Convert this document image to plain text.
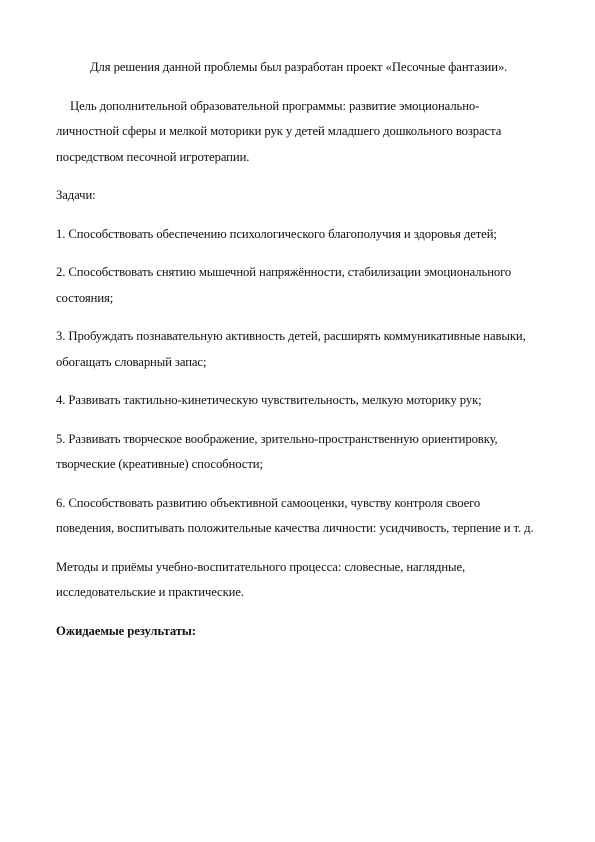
Для решения данной проблемы был разработан проект «Песочные фантазии».

Цель дополнительной образовательной программы: развитие эмоционально-личностной сферы и мелкой моторики рук у детей младшего дошкольного возраста посредством песочной игротерапии.

Задачи:

1. Способствовать обеспечению психологического благополучия и здоровья детей;

2. Способствовать снятию мышечной напряжённости, стабилизации эмоционального состояния;

3. Пробуждать познавательную активность детей, расширять коммуникативные навыки, обогащать словарный запас;

4. Развивать тактильно-кинетическую чувствительность, мелкую моторику рук;

5. Развивать творческое воображение, зрительно-пространственную ориентировку, творческие (креативные) способности;

6. Способствовать развитию объективной самооценки, чувству контроля своего поведения, воспитывать положительные качества личности: усидчивость, терпение и т. д.

Методы и приёмы учебно-воспитательного процесса: словесные, наглядные, исследовательские и практические.

Ожидаемые результаты:
